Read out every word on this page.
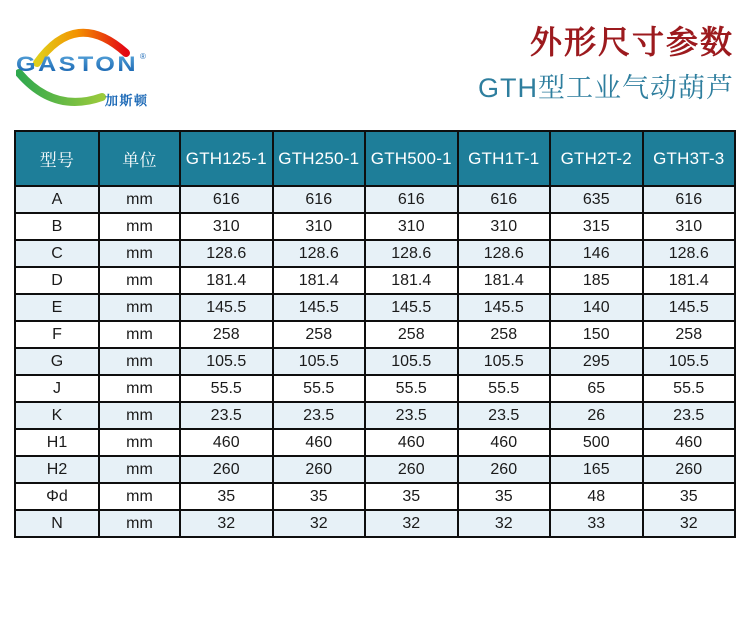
GASTON ®
加斯顿
外形尺寸参数
GTH型工业气动葫芦
型号	单位	GTH125-1	GTH250-1	GTH500-1	GTH1T-1	GTH2T-2	GTH3T-3
A	mm	616	616	616	616	635	616
B	mm	310	310	310	310	315	310
C	mm	128.6	128.6	128.6	128.6	146	128.6
D	mm	181.4	181.4	181.4	181.4	185	181.4
E	mm	145.5	145.5	145.5	145.5	140	145.5
F	mm	258	258	258	258	150	258
G	mm	105.5	105.5	105.5	105.5	295	105.5
J	mm	55.5	55.5	55.5	55.5	65	55.5
K	mm	23.5	23.5	23.5	23.5	26	23.5
H1	mm	460	460	460	460	500	460
H2	mm	260	260	260	260	165	260
Φd	mm	35	35	35	35	48	35
N	mm	32	32	32	32	33	32
